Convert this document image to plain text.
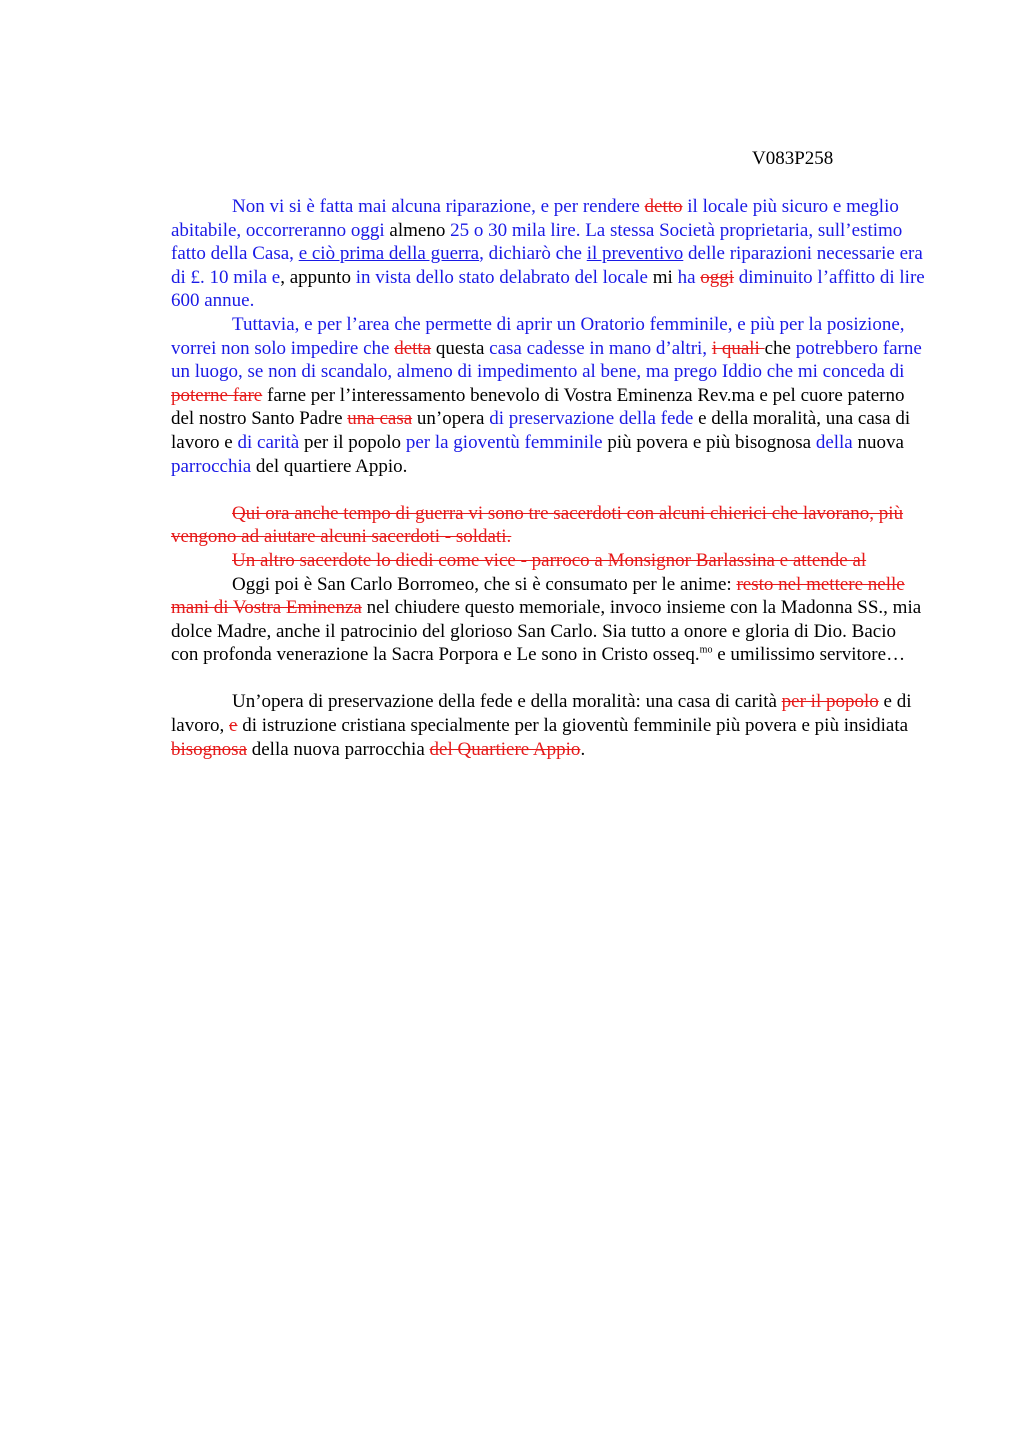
V083P258

Non vi si è fatta mai alcuna riparazione, e per rendere detto il locale più sicuro e meglio abitabile, occorreranno oggi almeno 25 o 30 mila lire. La stessa Società proprietaria, sull’estimo fatto della Casa, e ciò prima della guerra, dichiarò che il preventivo delle riparazioni necessarie era di £. 10 mila e, appunto in vista dello stato delabrato del locale mi ha oggi diminuito l’affitto di lire 600 annue.

Tuttavia, e per l’area che permette di aprir un Oratorio femminile, e più per la posizione, vorrei non solo impedire che detta questa casa cadesse in mano d’altri, i quali che potrebbero farne un luogo, se non di scandalo, almeno di impedimento al bene, ma prego Iddio che mi conceda di poterne fare farne per l’interessamento benevolo di Vostra Eminenza Rev.ma e pel cuore paterno del nostro Santo Padre una casa un’opera di preservazione della fede e della moralità, una casa di lavoro e di carità per il popolo per la gioventù femminile più povera e più bisognosa della nuova parrocchia del quartiere Appio.

Qui ora anche tempo di guerra vi sono tre sacerdoti con alcuni chierici che lavorano, più vengono ad aiutare alcuni sacerdoti - soldati.

Un altro sacerdote lo diedi come vice - parroco a Monsignor Barlassina e attende al

Oggi poi è San Carlo Borromeo, che si è consumato per le anime: resto nel mettere nelle mani di Vostra Eminenza nel chiudere questo memoriale, invoco insieme con la Madonna SS., mia dolce Madre, anche il patrocinio del glorioso San Carlo. Sia tutto a onore e gloria di Dio. Bacio con profonda venerazione la Sacra Porpora e Le sono in Cristo osseq.$^{mo}$ e umilissimo servitore…

Un’opera di preservazione della fede e della moralità: una casa di carità per il popolo e di lavoro, e di istruzione cristiana specialmente per la gioventù femminile più povera e più insidiata bisognosa della nuova parrocchia del Quartiere Appio.
